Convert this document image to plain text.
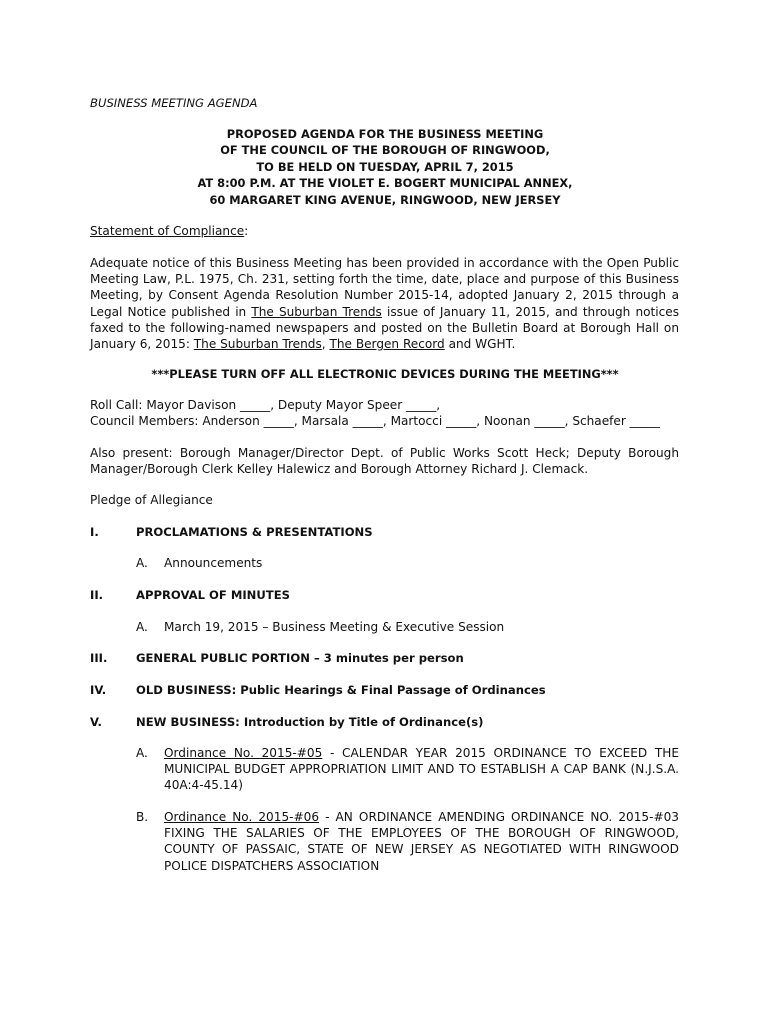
BUSINESS MEETING AGENDA
PROPOSED AGENDA FOR THE BUSINESS MEETING
OF THE COUNCIL OF THE BOROUGH OF RINGWOOD,
TO BE HELD ON TUESDAY, APRIL 7, 2015
AT 8:00 P.M. AT THE VIOLET E. BOGERT MUNICIPAL ANNEX,
60 MARGARET KING AVENUE, RINGWOOD, NEW JERSEY
Statement of Compliance:
Adequate notice of this Business Meeting has been provided in accordance with the Open Public Meeting Law, P.L. 1975, Ch. 231, setting forth the time, date, place and purpose of this Business Meeting, by Consent Agenda Resolution Number 2015-14, adopted January 2, 2015 through a Legal Notice published in The Suburban Trends issue of January 11, 2015, and through notices faxed to the following-named newspapers and posted on the Bulletin Board at Borough Hall on January 6, 2015: The Suburban Trends, The Bergen Record and WGHT.
***PLEASE TURN OFF ALL ELECTRONIC DEVICES DURING THE MEETING***
Roll Call: Mayor Davison _____, Deputy Mayor Speer _____,
Council Members: Anderson _____, Marsala _____, Martocci _____, Noonan _____, Schaefer _____
Also present: Borough Manager/Director Dept. of Public Works Scott Heck; Deputy Borough Manager/Borough Clerk Kelley Halewicz and Borough Attorney Richard J. Clemack.
Pledge of Allegiance
I.	PROCLAMATIONS & PRESENTATIONS
A. Announcements
II.	APPROVAL OF MINUTES
A. March 19, 2015 – Business Meeting & Executive Session
III. GENERAL PUBLIC PORTION – 3 minutes per person
IV.	OLD BUSINESS: Public Hearings & Final Passage of Ordinances
V.	NEW BUSINESS: Introduction by Title of Ordinance(s)
A. Ordinance No. 2015-#05 - CALENDAR YEAR 2015 ORDINANCE TO EXCEED THE MUNICIPAL BUDGET APPROPRIATION LIMIT AND TO ESTABLISH A CAP BANK (N.J.S.A. 40A:4-45.14)
B. Ordinance No. 2015-#06 - AN ORDINANCE AMENDING ORDINANCE NO. 2015-#03 FIXING THE SALARIES OF THE EMPLOYEES OF THE BOROUGH OF RINGWOOD, COUNTY OF PASSAIC, STATE OF NEW JERSEY AS NEGOTIATED WITH RINGWOOD POLICE DISPATCHERS ASSOCIATION
